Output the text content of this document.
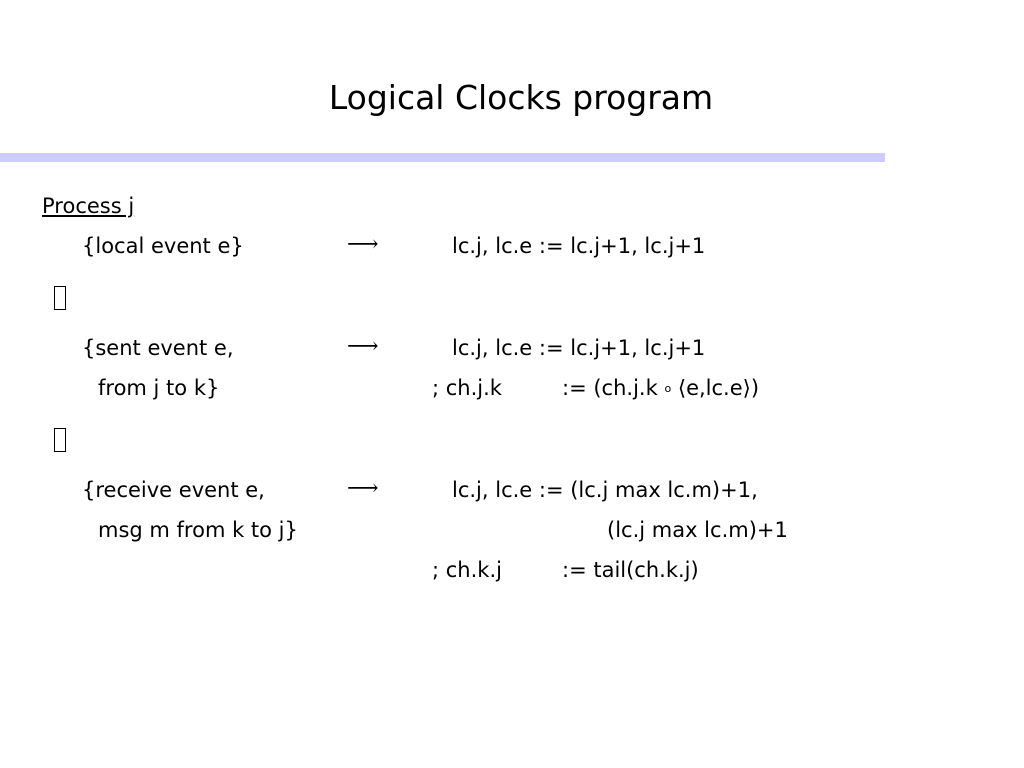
Logical Clocks program
Process j
{local event e}	⟶	lc.j, lc.e := lc.j+1, lc.j+1
{sent event e,
from j to k}
⟶	lc.j, lc.e := lc.j+1, lc.j+1
; ch.j.k	:= (ch.j.k o ⟨e,lc.e⟩)
{receive event e,
msg m from k to j}
⟶	lc.j, lc.e := (lc.j max lc.m)+1,
(lc.j max lc.m)+1
; ch.k.j	:= tail(ch.k.j)
